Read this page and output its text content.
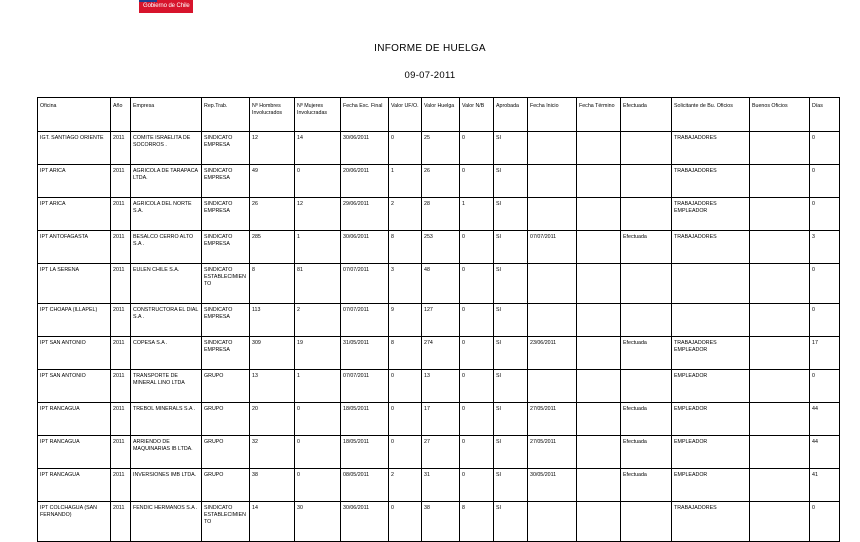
Gobierno de Chile
INFORME DE HUELGA
09-07-2011
Oficina	Año	Empresa	Rep.Trab.	Nº Hombres Involucrados	Nº Mujeres Involucradas	Fecha Exc. Final	Valor UF/O.	Valor Huelga	Valor N/B	Aprobada	Fecha Inicio	Fecha Término	Efectuada	Solicitante de Bu. Oficios	Buenos Oficios	Días
IGT. SANTIAGO ORIENTE	2011	COMITE ISRAELITA DE SOCORROS .	SINDICATO EMPRESA	12	14	30/06/2011	0	25	0	SI				TRABAJADORES		0
IPT ARICA	2011	AGRICOLA DE TARAPACA LTDA.	SINDICATO EMPRESA	49	0	20/06/2011	1	26	0	SI				TRABAJADORES		0
IPT ARICA	2011	AGRICOLA DEL NORTE S.A.	SINDICATO EMPRESA	26	12	29/06/2011	2	28	1	SI				TRABAJADORES EMPLEADOR		0
IPT ANTOFAGASTA	2011	BESALCO CERRO ALTO S.A .	SINDICATO EMPRESA	285	1	30/06/2011	8	253	0	SI	07/07/2011		Efectuada	TRABAJADORES		3
IPT LA SERENA	2011	EULEN CHILE S.A.	SINDICATO ESTABLECIMIENTO	8	81	07/07/2011	3	48	0	SI						0
IPT CHOAPA (ILLAPEL)	2011	CONSTRUCTORA EL DIAL S.A .	SINDICATO EMPRESA	113	2	07/07/2011	9	127	0	SI						0
IPT SAN ANTONIO	2011	COPESA S.A .	SINDICATO EMPRESA	309	19	31/05/2011	8	274	0	SI	23/06/2011		Efectuada	TRABAJADORES EMPLEADOR		17
IPT SAN ANTONIO	2011	TRANSPORTE DE MINERAL LINO LTDA	GRUPO	13	1	07/07/2011	0	13	0	SI				EMPLEADOR		0
IPT RANCAGUA	2011	TREBOL MINERALS S.A .	GRUPO	20	0	18/05/2011	0	17	0	SI	27/05/2011		Efectuada	EMPLEADOR		44
IPT RANCAGUA	2011	ARRIENDO DE MAQUINARIAS IB LTDA.	GRUPO	32	0	18/05/2011	0	27	0	SI	27/05/2011		Efectuada	EMPLEADOR		44
IPT RANCAGUA	2011	INVERSIONES IMB LTDA.	GRUPO	38	0	08/05/2011	2	31	0	SI	30/05/2011		Efectuada	EMPLEADOR		41
IPT COLCHAGUA (SAN FERNANDO)	2011	FENDIC HERMANOS S.A .	SINDICATO ESTABLECIMIENTO	14	30	30/06/2011	0	38	8	SI				TRABAJADORES		0
